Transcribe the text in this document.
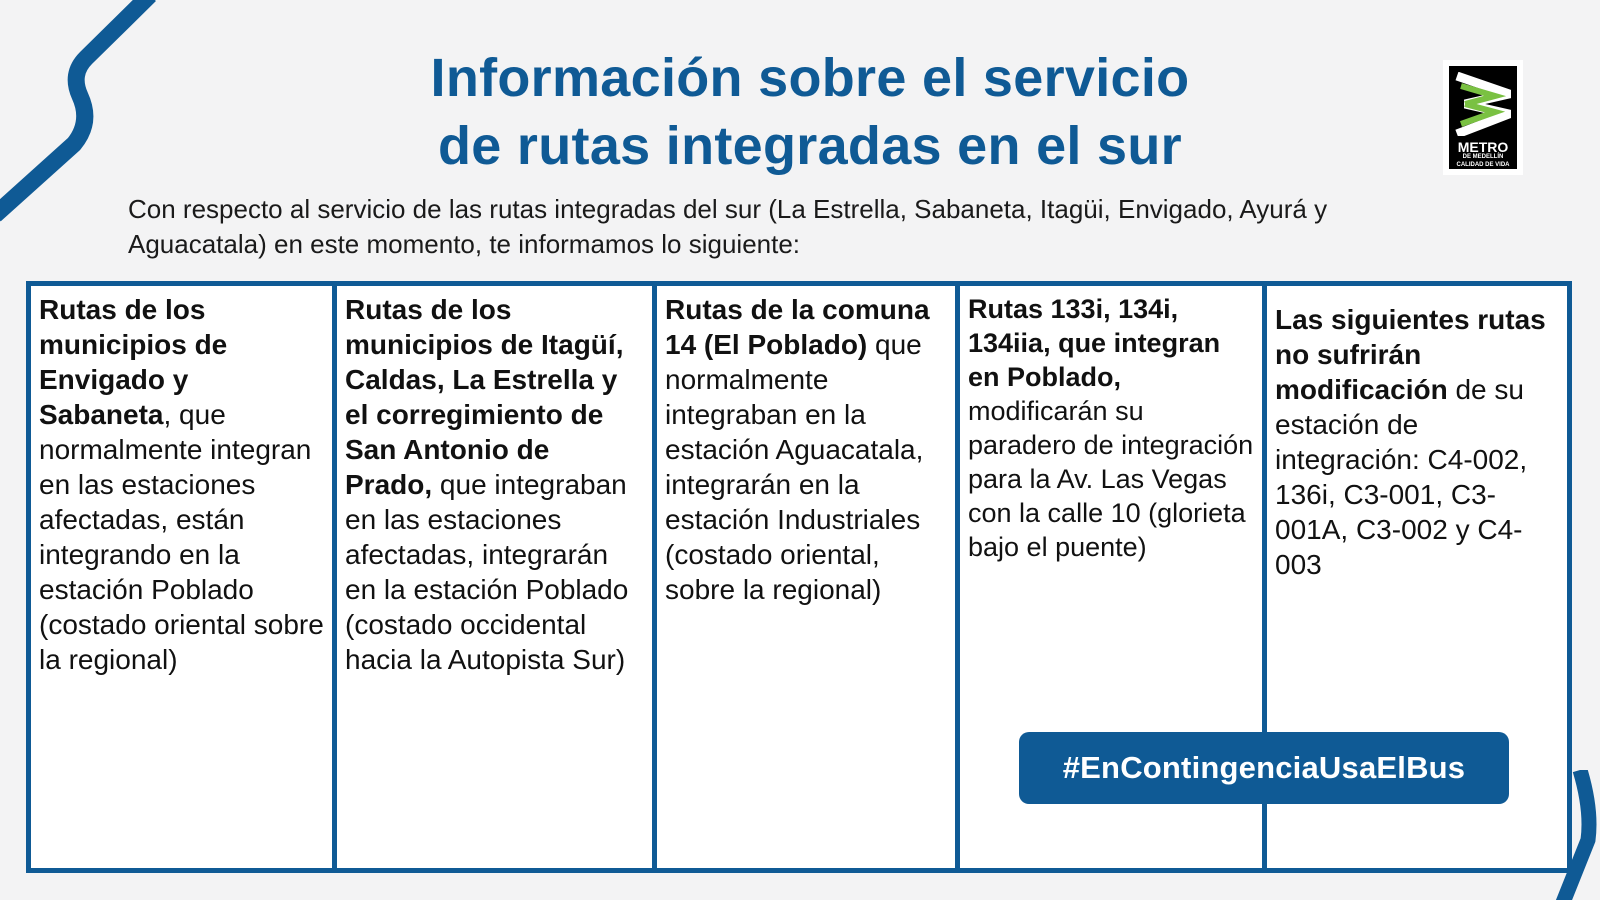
Información sobre el servicio
de rutas integradas en el sur	METRO
DE MEDELLÍN
CALIDAD DE VIDA

Con respecto al servicio de las rutas integradas del sur (La Estrella, Sabaneta, Itagüi, Envigado, Ayurá y Aguacatala) en este momento, te informamos lo siguiente:

Rutas de los municipios de Envigado y Sabaneta, que normalmente integran en las estaciones afectadas, están integrando en la estación Poblado (costado oriental sobre la regional)
Rutas de los municipios de Itagüí, Caldas, La Estrella y el corregimiento de San Antonio de Prado, que integraban en las estaciones afectadas, integrarán en la estación Poblado (costado occidental hacia la Autopista Sur)
Rutas de la comuna 14 (El Poblado) que normalmente integraban en la estación Aguacatala, integrarán en la estación Industriales (costado oriental, sobre la regional)
Rutas 133i, 134i, 134iia, que integran en Poblado, modificarán su paradero de integración para la Av. Las Vegas con la calle 10 (glorieta bajo el puente)
Las siguientes rutas no sufrirán modificación de su estación de integración: C4-002, 136i, C3-001, C3-001A, C3-002 y C4-003
#EnContingenciaUsaElBus
